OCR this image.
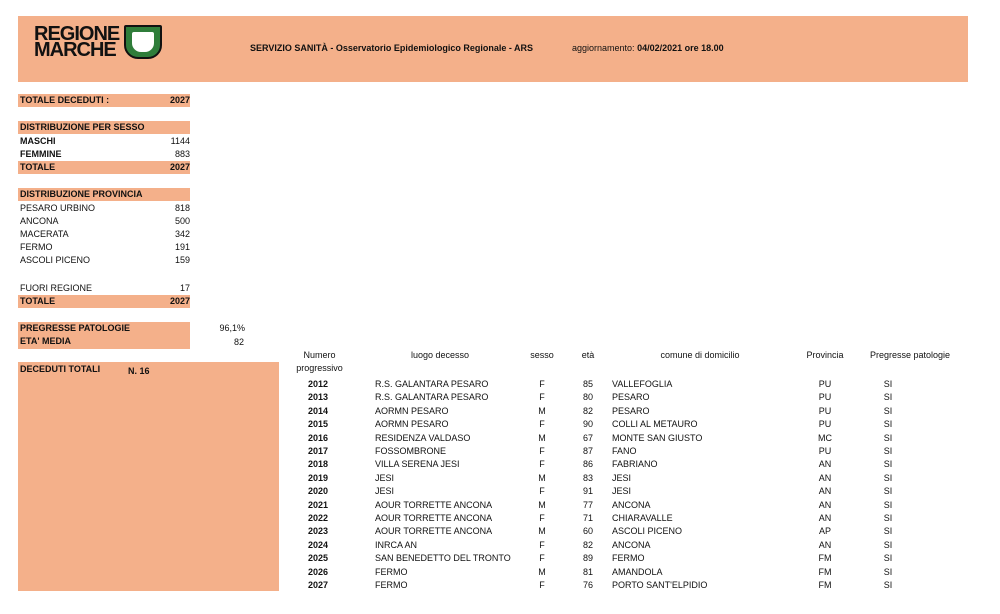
REGIONE
MARCHE	SERVIZIO SANITÀ - Osservatorio Epidemiologico Regionale - ARS	aggiornamento: 04/02/2021 ore 18.00
TOTALE DECEDUTI :	2027
DISTRIBUZIONE PER SESSO
MASCHI	1144
FEMMINE	883
TOTALE	2027
DISTRIBUZIONE PROVINCIA
PESARO URBINO	818
ANCONA	500
MACERATA	342
FERMO	191
ASCOLI PICENO	159
FUORI REGIONE	17
TOTALE	2027
PREGRESSE PATOLOGIE	96,1%
ETA' MEDIA	82
DECEDUTI TOTALI	N. 16
Numero
progressivo
luogo decesso	sesso	età	comune di domicilio	Provincia	Pregresse patologie
2012	R.S. GALANTARA PESARO	F	85	VALLEFOGLIA	PU	SI
2013	R.S. GALANTARA PESARO	F	80	PESARO	PU	SI
2014	AORMN PESARO	M	82	PESARO	PU	SI
2015	AORMN PESARO	F	90	COLLI AL METAURO	PU	SI
2016	RESIDENZA VALDASO	M	67	MONTE SAN GIUSTO	MC	SI
2017	FOSSOMBRONE	F	87	FANO	PU	SI
2018	VILLA SERENA JESI	F	86	FABRIANO	AN	SI
2019	JESI	M	83	JESI	AN	SI
2020	JESI	F	91	JESI	AN	SI
2021	AOUR TORRETTE ANCONA	M	77	ANCONA	AN	SI
2022	AOUR TORRETTE ANCONA	F	71	CHIARAVALLE	AN	SI
2023	AOUR TORRETTE ANCONA	M	60	ASCOLI PICENO	AP	SI
2024	INRCA AN	F	82	ANCONA	AN	SI
2025	SAN BENEDETTO DEL TRONTO	F	89	FERMO	FM	SI
2026	FERMO	M	81	AMANDOLA	FM	SI
2027	FERMO	F	76	PORTO SANT'ELPIDIO	FM	SI
